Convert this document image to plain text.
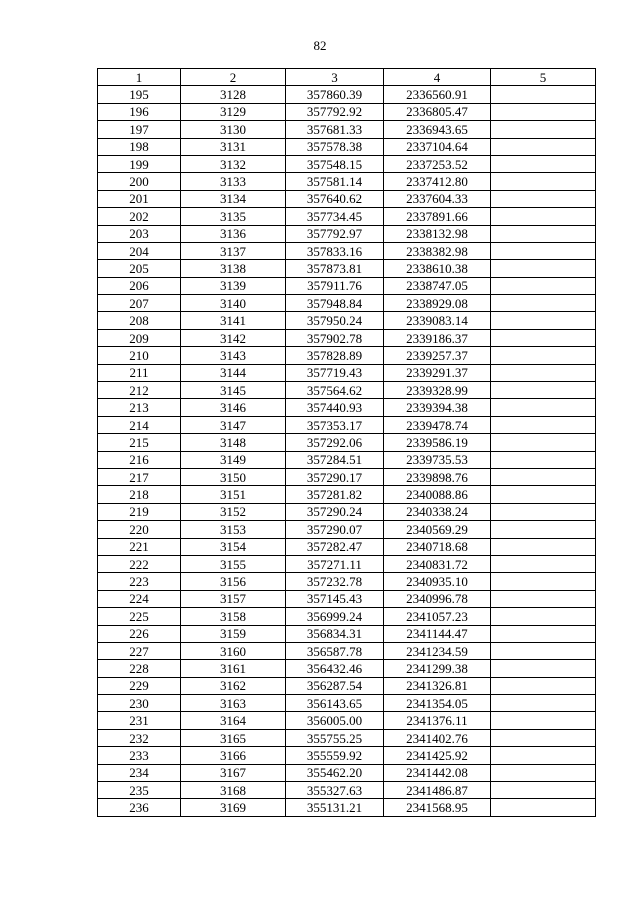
82
1	2	3	4	5
195	3128	357860.39	2336560.91	
196	3129	357792.92	2336805.47	
197	3130	357681.33	2336943.65	
198	3131	357578.38	2337104.64	
199	3132	357548.15	2337253.52	
200	3133	357581.14	2337412.80	
201	3134	357640.62	2337604.33	
202	3135	357734.45	2337891.66	
203	3136	357792.97	2338132.98	
204	3137	357833.16	2338382.98	
205	3138	357873.81	2338610.38	
206	3139	357911.76	2338747.05	
207	3140	357948.84	2338929.08	
208	3141	357950.24	2339083.14	
209	3142	357902.78	2339186.37	
210	3143	357828.89	2339257.37	
211	3144	357719.43	2339291.37	
212	3145	357564.62	2339328.99	
213	3146	357440.93	2339394.38	
214	3147	357353.17	2339478.74	
215	3148	357292.06	2339586.19	
216	3149	357284.51	2339735.53	
217	3150	357290.17	2339898.76	
218	3151	357281.82	2340088.86	
219	3152	357290.24	2340338.24	
220	3153	357290.07	2340569.29	
221	3154	357282.47	2340718.68	
222	3155	357271.11	2340831.72	
223	3156	357232.78	2340935.10	
224	3157	357145.43	2340996.78	
225	3158	356999.24	2341057.23	
226	3159	356834.31	2341144.47	
227	3160	356587.78	2341234.59	
228	3161	356432.46	2341299.38	
229	3162	356287.54	2341326.81	
230	3163	356143.65	2341354.05	
231	3164	356005.00	2341376.11	
232	3165	355755.25	2341402.76	
233	3166	355559.92	2341425.92	
234	3167	355462.20	2341442.08	
235	3168	355327.63	2341486.87	
236	3169	355131.21	2341568.95	
